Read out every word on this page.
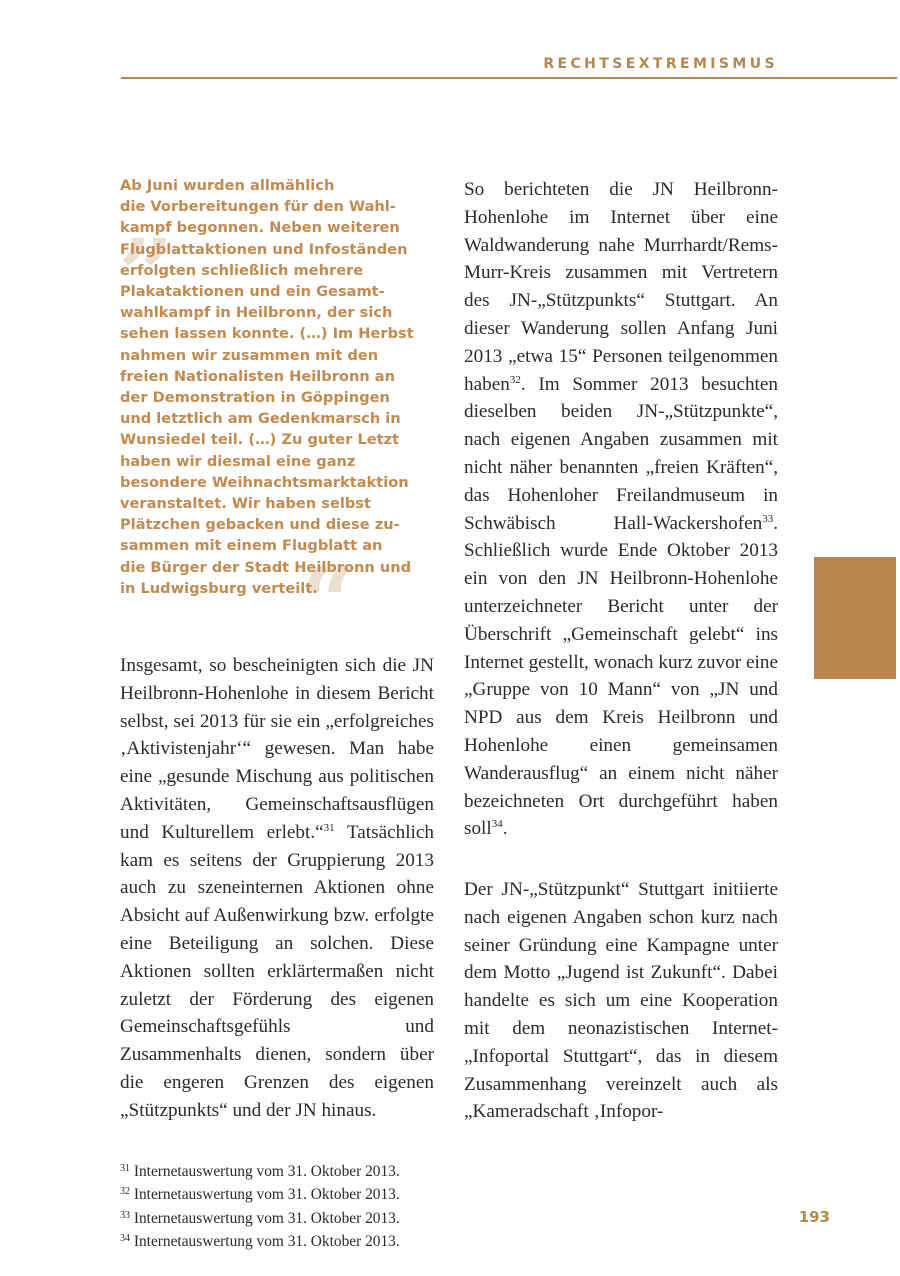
RECHTSEXTREMISMUS
„
“

Ab Juni wurden allmählich
die Vorbereitungen für den Wahl-
kampf begonnen. Neben weiteren
Flugblattaktionen und Infoständen
erfolgten schließlich mehrere
Plakataktionen und ein Gesamt-
wahlkampf in Heilbronn, der sich
sehen lassen konnte. (…) Im Herbst
nahmen wir zusammen mit den
freien Nationalisten Heilbronn an
der Demonstration in Göppingen
und letztlich am Gedenkmarsch in
Wunsiedel teil. (…) Zu guter Letzt
haben wir diesmal eine ganz
besondere Weihnachtsmarktaktion
veranstaltet. Wir haben selbst
Plätzchen gebacken und diese zu-
sammen mit einem Flugblatt an
die Bürger der Stadt Heilbronn und
in Ludwigsburg verteilt.

Insgesamt, so bescheinigten sich die JN Heilbronn-Hohenlohe in diesem Bericht selbst, sei 2013 für sie ein „erfolgreiches ‚Aktivistenjahr‘“ gewesen. Man habe eine „gesunde Mischung aus politischen Aktivitäten, Gemeinschaftsausflügen und Kulturellem erlebt.“$^{31}$ Tatsächlich kam es seitens der Gruppierung 2013 auch zu szeneinternen Aktionen ohne Absicht auf Außenwirkung bzw. erfolgte eine Beteiligung an solchen. Diese Aktionen sollten erklärtermaßen nicht zuletzt der Förderung des eigenen Gemeinschaftsgefühls und Zusammenhalts dienen, sondern über die engeren Grenzen des eigenen „Stützpunkts“ und der JN hinaus.

So berichteten die JN Heilbronn-Hohenlohe im Internet über eine Waldwanderung nahe Murrhardt/Rems-Murr-Kreis zusammen mit Vertretern des JN-„Stützpunkts“ Stuttgart. An dieser Wanderung sollen Anfang Juni 2013 „etwa 15“ Personen teilgenommen haben$^{32}$. Im Sommer 2013 besuchten dieselben beiden JN-„Stützpunkte“, nach eigenen Angaben zusammen mit nicht näher benannten „freien Kräften“, das Hohenloher Freilandmuseum in Schwäbisch Hall-Wackershofen$^{33}$. Schließlich wurde Ende Oktober 2013 ein von den JN Heilbronn-Hohenlohe unterzeichneter Bericht unter der Überschrift „Gemeinschaft gelebt“ ins Internet gestellt, wonach kurz zuvor eine „Gruppe von 10 Mann“ von „JN und NPD aus dem Kreis Heilbronn und Hohenlohe einen gemeinsamen Wanderausflug“ an einem nicht näher bezeichneten Ort durchgeführt haben soll$^{34}$.

Der JN-„Stützpunkt“ Stuttgart initiierte nach eigenen Angaben schon kurz nach seiner Gründung eine Kampagne unter dem Motto „Jugend ist Zukunft“. Dabei handelte es sich um eine Kooperation mit dem neonazistischen Internet-„Infoportal Stuttgart“, das in diesem Zusammenhang vereinzelt auch als „Kameradschaft ‚Infopor-

$^{31}$ Internetauswertung vom 31. Oktober 2013.
$^{32}$ Internetauswertung vom 31. Oktober 2013.
$^{33}$ Internetauswertung vom 31. Oktober 2013.
$^{34}$ Internetauswertung vom 31. Oktober 2013.
193
